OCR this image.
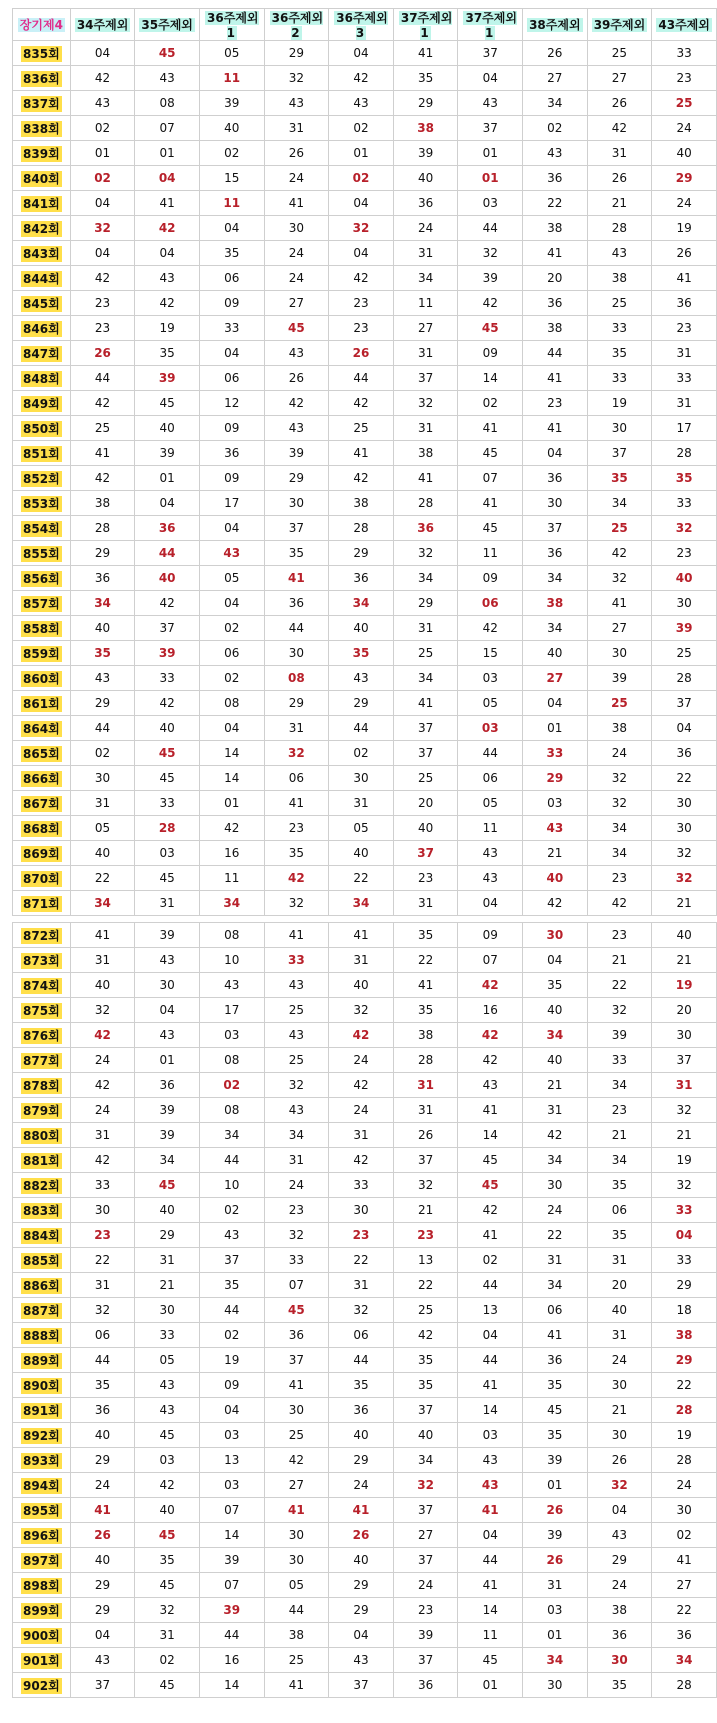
장기제4	34주제외	35주제외	36주제외1	36주제외2	36주제외3	37주제외1	37주제외1	38주제외	39주제외	43주제외
835회	04	45	05	29	04	41	37	26	25	33
836회	42	43	11	32	42	35	04	27	27	23
837회	43	08	39	43	43	29	43	34	26	25
838회	02	07	40	31	02	38	37	02	42	24
839회	01	01	02	26	01	39	01	43	31	40
840회	02	04	15	24	02	40	01	36	26	29
841회	04	41	11	41	04	36	03	22	21	24
842회	32	42	04	30	32	24	44	38	28	19
843회	04	04	35	24	04	31	32	41	43	26
844회	42	43	06	24	42	34	39	20	38	41
845회	23	42	09	27	23	11	42	36	25	36
846회	23	19	33	45	23	27	45	38	33	23
847회	26	35	04	43	26	31	09	44	35	31
848회	44	39	06	26	44	37	14	41	33	33
849회	42	45	12	42	42	32	02	23	19	31
850회	25	40	09	43	25	31	41	41	30	17
851회	41	39	36	39	41	38	45	04	37	28
852회	42	01	09	29	42	41	07	36	35	35
853회	38	04	17	30	38	28	41	30	34	33
854회	28	36	04	37	28	36	45	37	25	32
855회	29	44	43	35	29	32	11	36	42	23
856회	36	40	05	41	36	34	09	34	32	40
857회	34	42	04	36	34	29	06	38	41	30
858회	40	37	02	44	40	31	42	34	27	39
859회	35	39	06	30	35	25	15	40	30	25
860회	43	33	02	08	43	34	03	27	39	28
861회	29	42	08	29	29	41	05	04	25	37
864회	44	40	04	31	44	37	03	01	38	04
865회	02	45	14	32	02	37	44	33	24	36
866회	30	45	14	06	30	25	06	29	32	22
867회	31	33	01	41	31	20	05	03	32	30
868회	05	28	42	23	05	40	11	43	34	30
869회	40	03	16	35	40	37	43	21	34	32
870회	22	45	11	42	22	23	43	40	23	32
871회	34	31	34	32	34	31	04	42	42	21

872회	41	39	08	41	41	35	09	30	23	40
873회	31	43	10	33	31	22	07	04	21	21
874회	40	30	43	43	40	41	42	35	22	19
875회	32	04	17	25	32	35	16	40	32	20
876회	42	43	03	43	42	38	42	34	39	30
877회	24	01	08	25	24	28	42	40	33	37
878회	42	36	02	32	42	31	43	21	34	31
879회	24	39	08	43	24	31	41	31	23	32
880회	31	39	34	34	31	26	14	42	21	21
881회	42	34	44	31	42	37	45	34	34	19
882회	33	45	10	24	33	32	45	30	35	32
883회	30	40	02	23	30	21	42	24	06	33
884회	23	29	43	32	23	23	41	22	35	04
885회	22	31	37	33	22	13	02	31	31	33
886회	31	21	35	07	31	22	44	34	20	29
887회	32	30	44	45	32	25	13	06	40	18
888회	06	33	02	36	06	42	04	41	31	38
889회	44	05	19	37	44	35	44	36	24	29
890회	35	43	09	41	35	35	41	35	30	22
891회	36	43	04	30	36	37	14	45	21	28
892회	40	45	03	25	40	40	03	35	30	19
893회	29	03	13	42	29	34	43	39	26	28
894회	24	42	03	27	24	32	43	01	32	24
895회	41	40	07	41	41	37	41	26	04	30
896회	26	45	14	30	26	27	04	39	43	02
897회	40	35	39	30	40	37	44	26	29	41
898회	29	45	07	05	29	24	41	31	24	27
899회	29	32	39	44	29	23	14	03	38	22
900회	04	31	44	38	04	39	11	01	36	36
901회	43	02	16	25	43	37	45	34	30	34
902회	37	45	14	41	37	36	01	30	35	28
